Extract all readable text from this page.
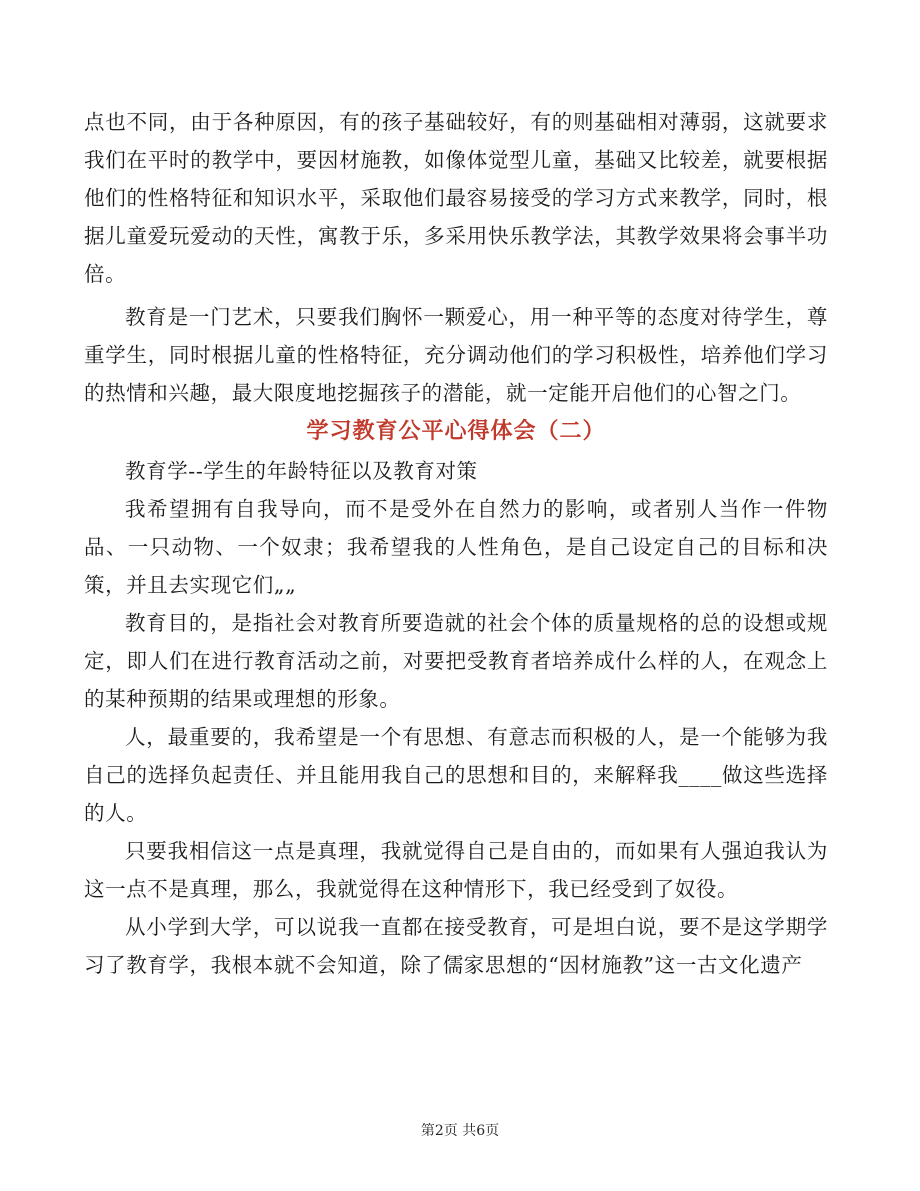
点也不同，由于各种原因，有的孩子基础较好，有的则基础相对薄弱，这就要求我们在平时的教学中，要因材施教，如像体觉型儿童，基础又比较差，就要根据他们的性格特征和知识水平，采取他们最容易接受的学习方式来教学，同时，根据儿童爱玩爱动的天性，寓教于乐，多采用快乐教学法，其教学效果将会事半功倍。

教育是一门艺术，只要我们胸怀一颗爱心，用一种平等的态度对待学生，尊重学生，同时根据儿童的性格特征，充分调动他们的学习积极性，培养他们学习的热情和兴趣，最大限度地挖掘孩子的潜能，就一定能开启他们的心智之门。

学习教育公平心得体会（二）

教育学--学生的年龄特征以及教育对策

我希望拥有自我导向，而不是受外在自然力的影响，或者别人当作一件物品、一只动物、一个奴隶；我希望我的人性角色，是自己设定自己的目标和决策，并且去实现它们„„

教育目的，是指社会对教育所要造就的社会个体的质量规格的总的设想或规定，即人们在进行教育活动之前，对要把受教育者培养成什么样的人，在观念上的某种预期的结果或理想的形象。

人，最重要的，我希望是一个有思想、有意志而积极的人，是一个能够为我自己的选择负起责任、并且能用我自己的思想和目的，来解释我____做这些选择的人。

只要我相信这一点是真理，我就觉得自己是自由的，而如果有人强迫我认为这一点不是真理，那么，我就觉得在这种情形下，我已经受到了奴役。

从小学到大学，可以说我一直都在接受教育，可是坦白说，要不是这学期学习了教育学，我根本就不会知道，除了儒家思想的“因材施教”这一古文化遗产

第2页 共6页
